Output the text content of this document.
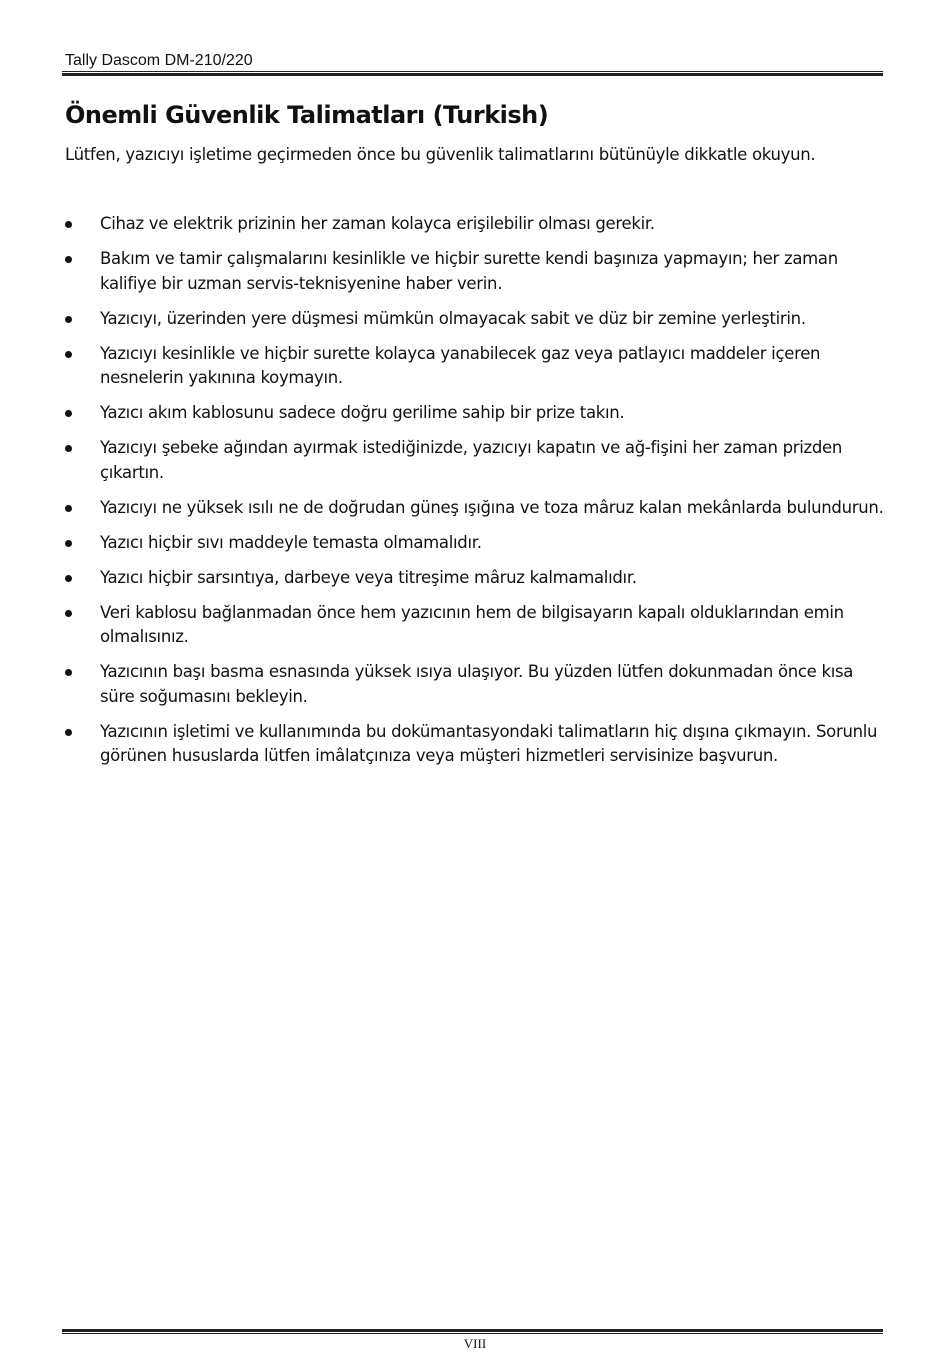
Tally Dascom DM-210/220
Önemli Güvenlik Talimatları (Turkish)
Lütfen, yazıcıyı işletime geçirmeden önce bu güvenlik talimatlarını bütünüyle dikkatle okuyun.
Cihaz ve elektrik prizinin her zaman kolayca erişilebilir olması gerekir.
Bakım ve tamir çalışmalarını kesinlikle ve hiçbir surette kendi başınıza yapmayın; her zaman kalifiye bir uzman servis-teknisyenine haber verin.
Yazıcıyı, üzerinden yere düşmesi mümkün olmayacak sabit ve düz bir zemine yerleştirin.
Yazıcıyı kesinlikle ve hiçbir surette kolayca yanabilecek gaz veya patlayıcı maddeler içeren nesnelerin yakınına koymayın.
Yazıcı akım kablosunu sadece doğru gerilime sahip bir prize takın.
Yazıcıyı şebeke ağından ayırmak istediğinizde, yazıcıyı kapatın ve ağ-fişini her zaman prizden çıkartın.
Yazıcıyı ne yüksek ısılı ne de doğrudan güneş ışığına ve toza mâruz kalan mekânlarda bulundurun.
Yazıcı hiçbir sıvı maddeyle temasta olmamalıdır.
Yazıcı hiçbir sarsıntıya, darbeye veya titreşime mâruz kalmamalıdır.
Veri kablosu bağlanmadan önce hem yazıcının hem de bilgisayarın kapalı olduklarından emin olmalısınız.
Yazıcının başı basma esnasında yüksek ısıya ulaşıyor. Bu yüzden lütfen dokunmadan önce kısa süre soğumasını bekleyin.
Yazıcının işletimi ve kullanımında bu dokümantasyondaki talimatların hiç dışına çıkmayın. Sorunlu görünen hususlarda lütfen imâlatçınıza veya müşteri hizmetleri servisinize başvurun.
VIII
